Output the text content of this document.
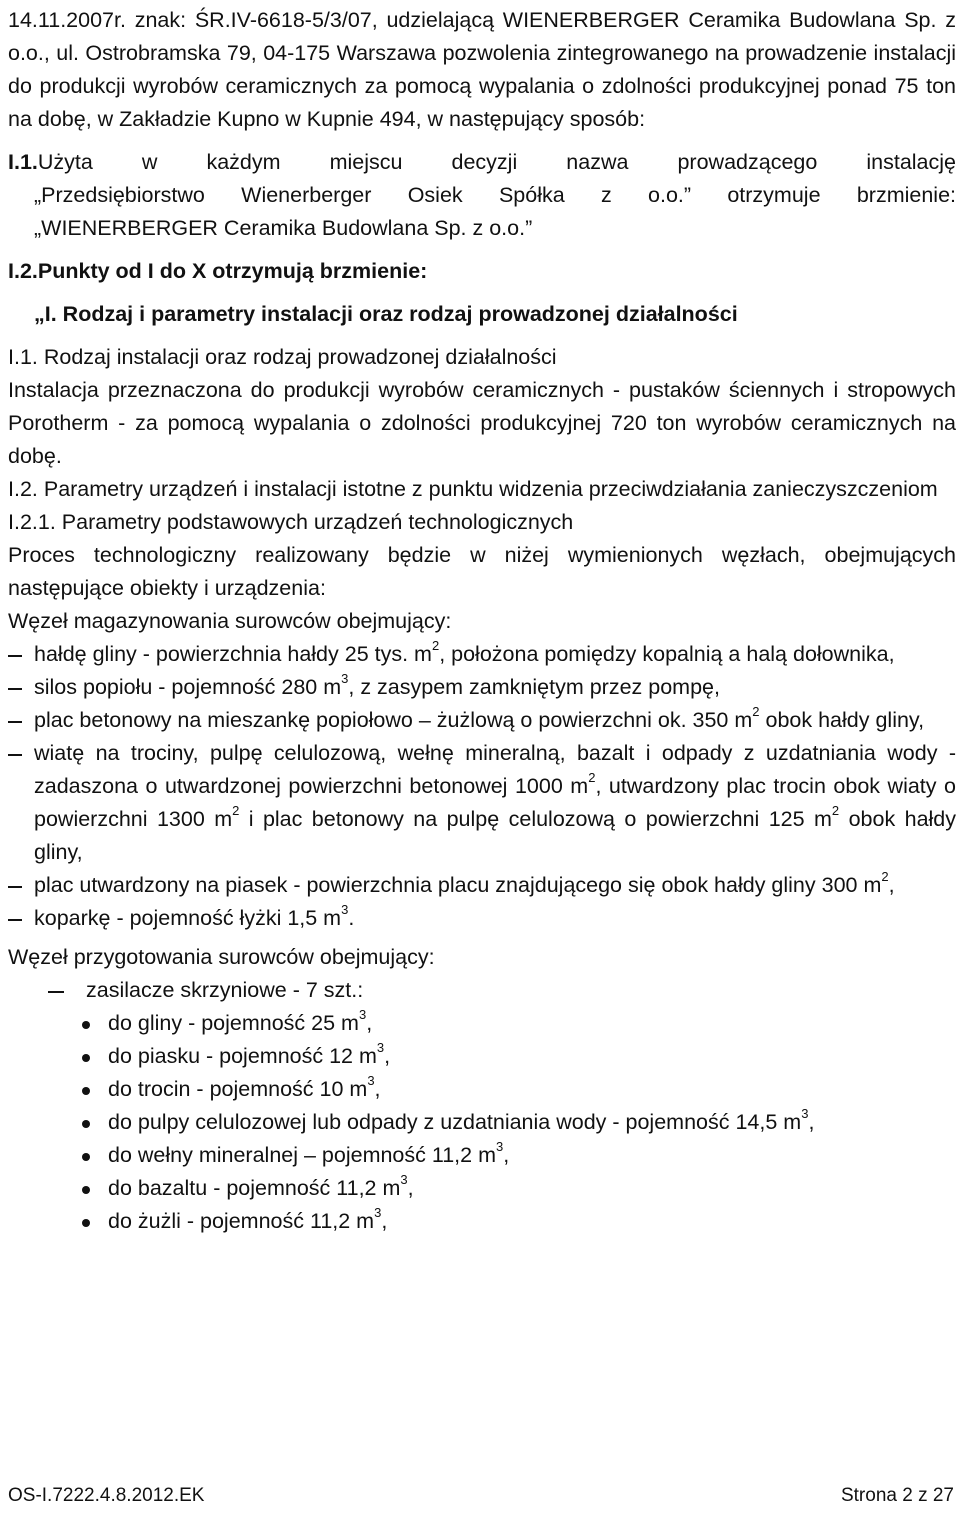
14.11.2007r. znak: ŚR.IV-6618-5/3/07, udzielającą WIENERBERGER Ceramika Budowlana Sp. z o.o., ul. Ostrobramska 79, 04-175 Warszawa pozwolenia zintegrowanego na prowadzenie instalacji do produkcji wyrobów ceramicznych za pomocą wypalania o zdolności produkcyjnej ponad 75 ton na dobę, w Zakładzie Kupno w Kupnie 494, w następujący sposób:

I.1.Użyta w każdym miejscu decyzji nazwa prowadzącego instalację

„Przedsiębiorstwo Wienerberger Osiek Spółka z o.o.” otrzymuje brzmienie:

„WIENERBERGER Ceramika Budowlana Sp. z o.o.”

I.2.Punkty od I do X otrzymują brzmienie:

„I. Rodzaj i parametry instalacji oraz rodzaj prowadzonej działalności

I.1. Rodzaj instalacji oraz rodzaj prowadzonej działalności

Instalacja przeznaczona do produkcji wyrobów ceramicznych - pustaków ściennych i stropowych Porotherm - za pomocą wypalania o zdolności produkcyjnej 720 ton wyrobów ceramicznych na dobę.

I.2. Parametry urządzeń i instalacji istotne z punktu widzenia przeciwdziałania zanieczyszczeniom

I.2.1. Parametry podstawowych urządzeń technologicznych

Proces technologiczny realizowany będzie w niżej wymienionych węzłach, obejmujących następujące obiekty i urządzenia:

Węzeł magazynowania surowców obejmujący:

hałdę gliny - powierzchnia hałdy 25 tys. $m^2$, położona pomiędzy kopalnią a halą dołownika,
silos popiołu - pojemność 280 $m^3$, z zasypem zamkniętym przez pompę,
plac betonowy na mieszankę popiołowo – żużlową o powierzchni ok. 350 $m^2$ obok hałdy gliny,
wiatę na trociny, pulpę celulozową, wełnę mineralną, bazalt i odpady z uzdatniania wody - zadaszona o utwardzonej powierzchni betonowej 1000 $m^2$, utwardzony plac trocin obok wiaty o powierzchni 1300 $m^2$ i plac betonowy na pulpę celulozową o powierzchni 125 $m^2$ obok hałdy gliny,
plac utwardzony na piasek - powierzchnia placu znajdującego się obok hałdy gliny 300 $m^2$,
koparkę - pojemność łyżki 1,5 $m^3$.

Węzeł przygotowania surowców obejmujący:

zasilacze skrzyniowe - 7 szt.:
do gliny - pojemność 25 $m^3$,
do piasku - pojemność 12 $m^3$,
do trocin - pojemność 10 $m^3$,
do pulpy celulozowej lub odpady z uzdatniania wody - pojemność 14,5 $m^3$,
do wełny mineralnej – pojemność 11,2 $m^3$,
do bazaltu - pojemność 11,2 $m^3$,
do żużli - pojemność 11,2 $m^3$,
OS-I.7222.4.8.2012.EK	Strona 2 z 27
